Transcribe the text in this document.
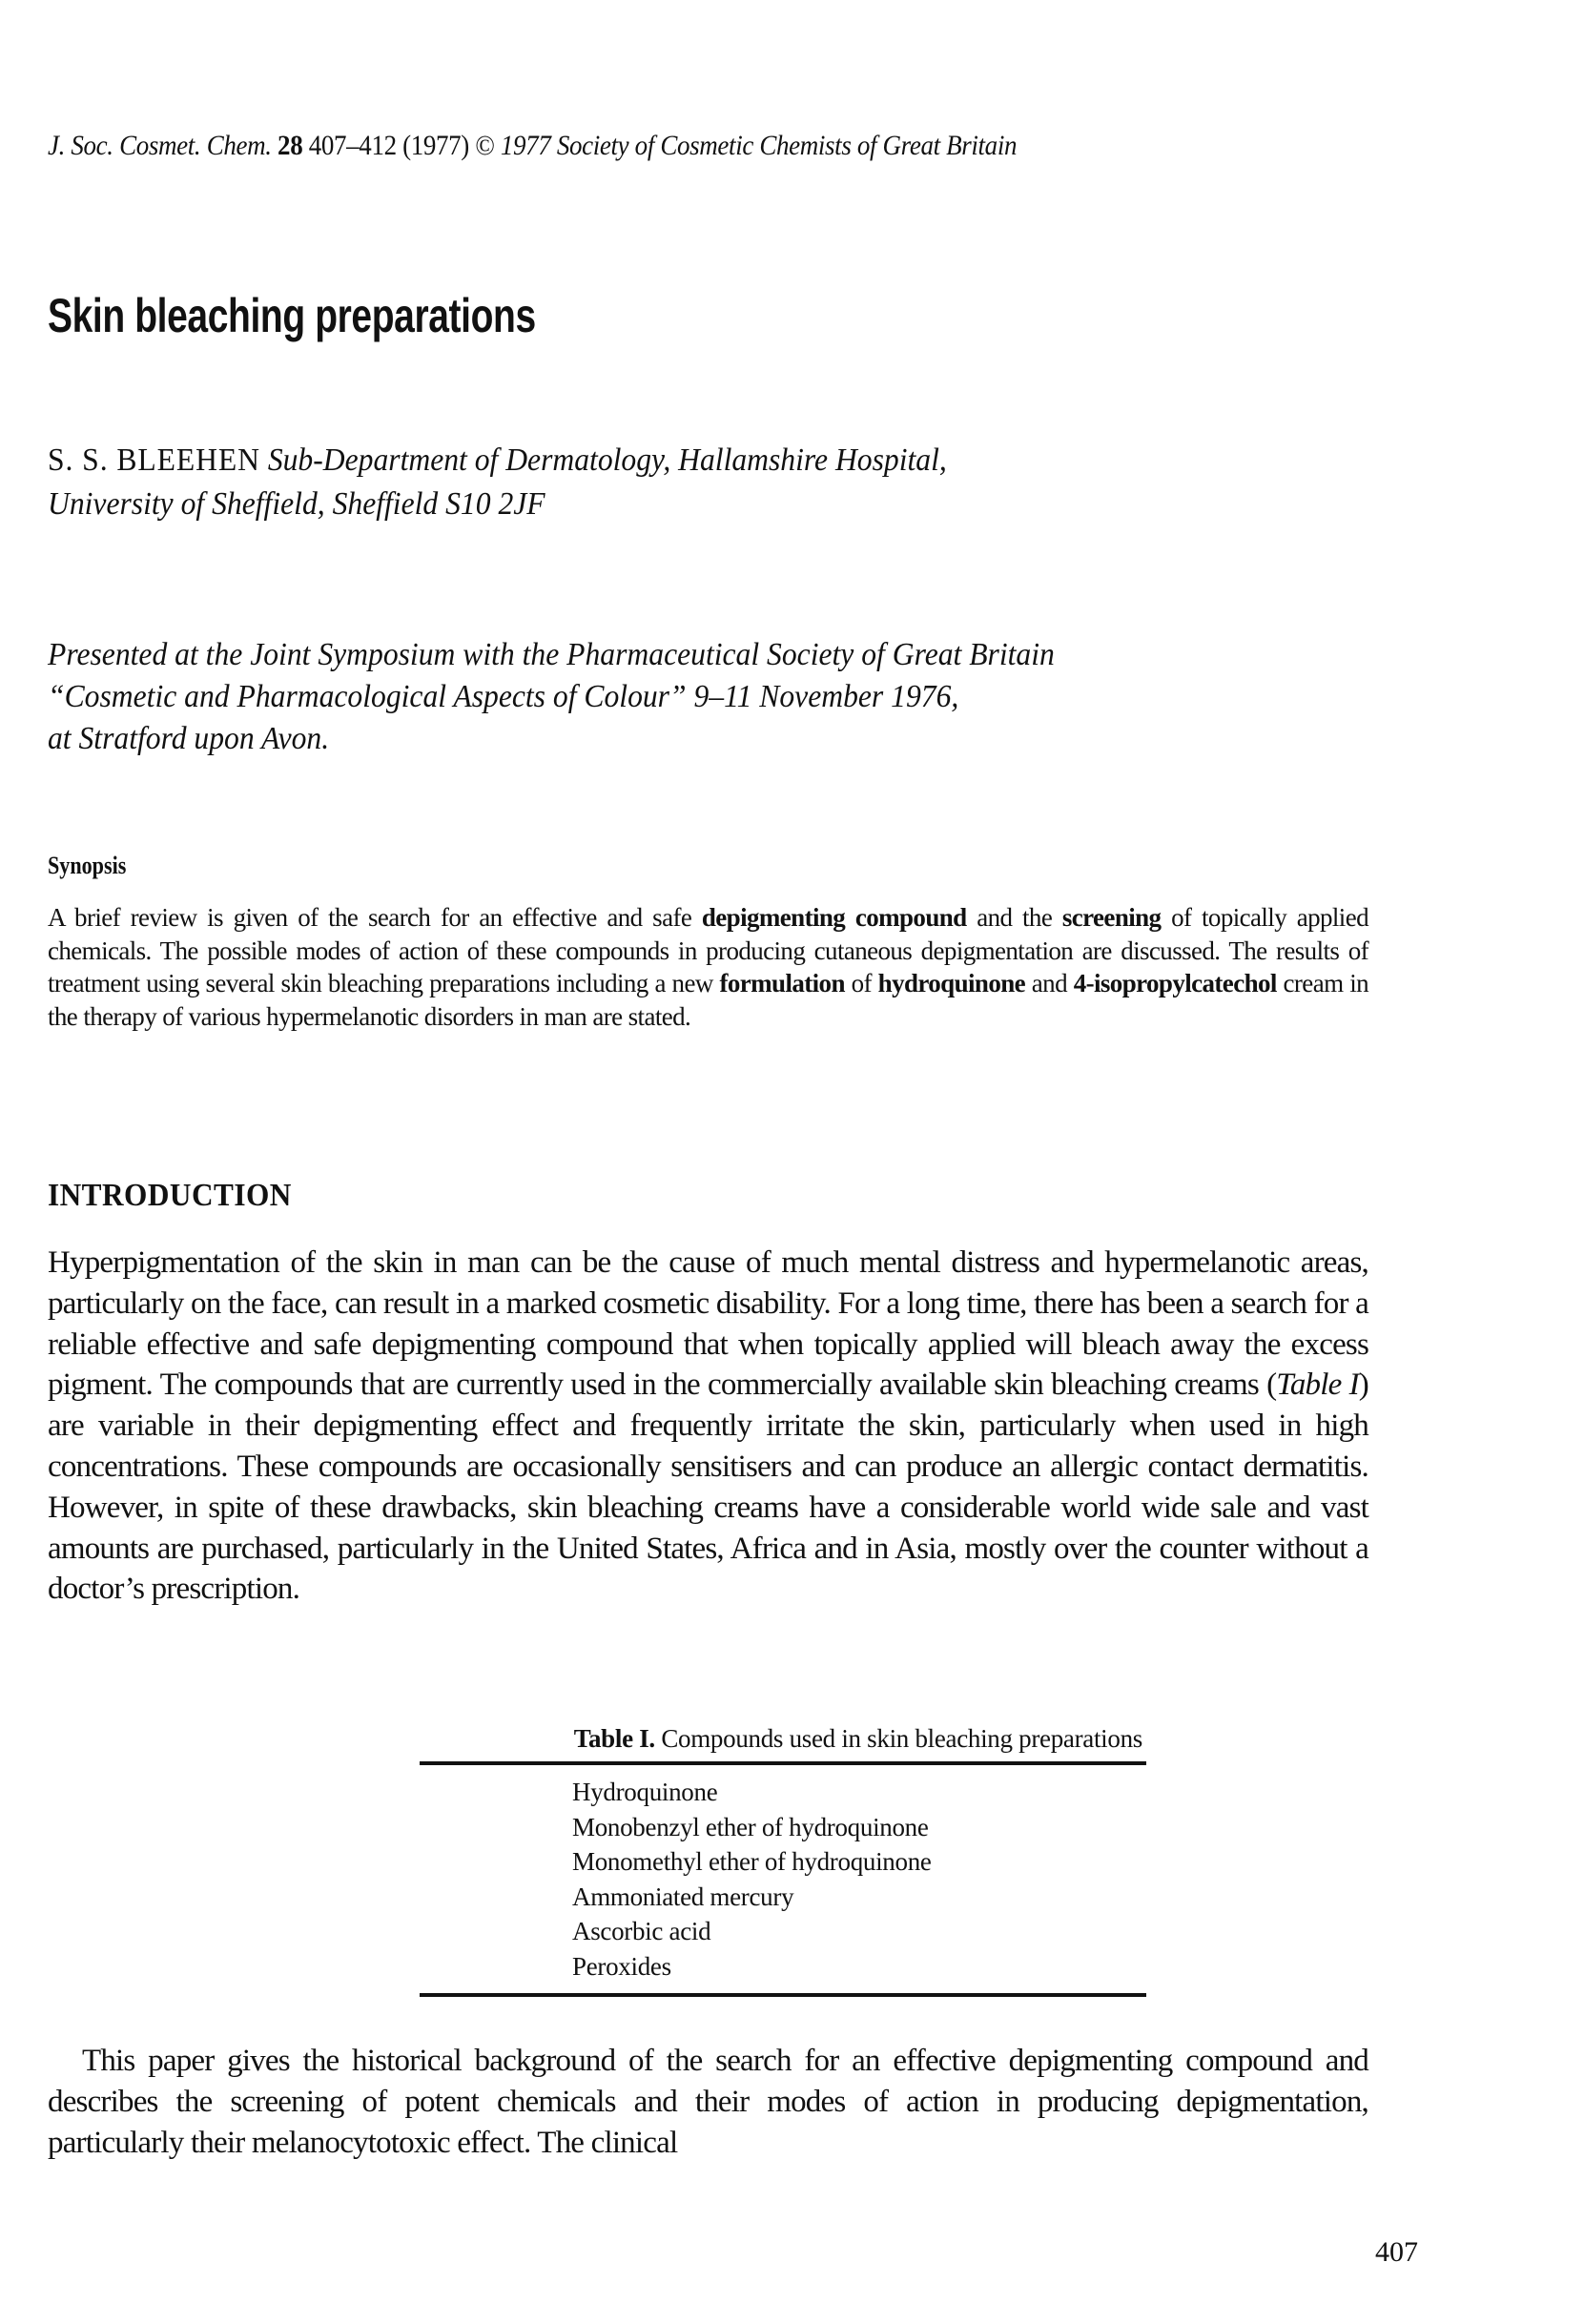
J. Soc. Cosmet. Chem. 28 407–412 (1977) © 1977 Society of Cosmetic Chemists of Great Britain
Skin bleaching preparations
S. S. BLEEHEN Sub-Department of Dermatology, Hallamshire Hospital,
University of Sheffield, Sheffield S10 2JF
Presented at the Joint Symposium with the Pharmaceutical Society of Great Britain
“Cosmetic and Pharmacological Aspects of Colour” 9–11 November 1976,
at Stratford upon Avon.
Synopsis

A brief review is given of the search for an effective and safe depigmenting compound and the screening of topically applied chemicals. The possible modes of action of these compounds in producing cutaneous depigmentation are discussed. The results of treatment using several skin bleaching preparations including a new formulation of hydroquinone and 4-isopropylcatechol cream in the therapy of various hypermelanotic disorders in man are stated.

INTRODUCTION

Hyperpigmentation of the skin in man can be the cause of much mental distress and hypermelanotic areas, particularly on the face, can result in a marked cosmetic disability. For a long time, there has been a search for a reliable effective and safe depigmenting compound that when topically applied will bleach away the excess pigment. The compounds that are currently used in the commercially available skin bleaching creams (Table I) are variable in their depigmenting effect and frequently irritate the skin, particularly when used in high concentrations. These compounds are occasionally sensitisers and can produce an allergic contact dermatitis. However, in spite of these drawbacks, skin bleaching creams have a considerable world wide sale and vast amounts are purchased, particularly in the United States, Africa and in Asia, mostly over the counter without a doctor’s prescription.

Table I. Compounds used in skin bleaching preparations
Hydroquinone
Monobenzyl ether of hydroquinone
Monomethyl ether of hydroquinone
Ammoniated mercury
Ascorbic acid
Peroxides

This paper gives the historical background of the search for an effective depigmenting compound and describes the screening of potent chemicals and their modes of action in producing depigmentation, particularly their melanocytotoxic effect. The clinical

407
